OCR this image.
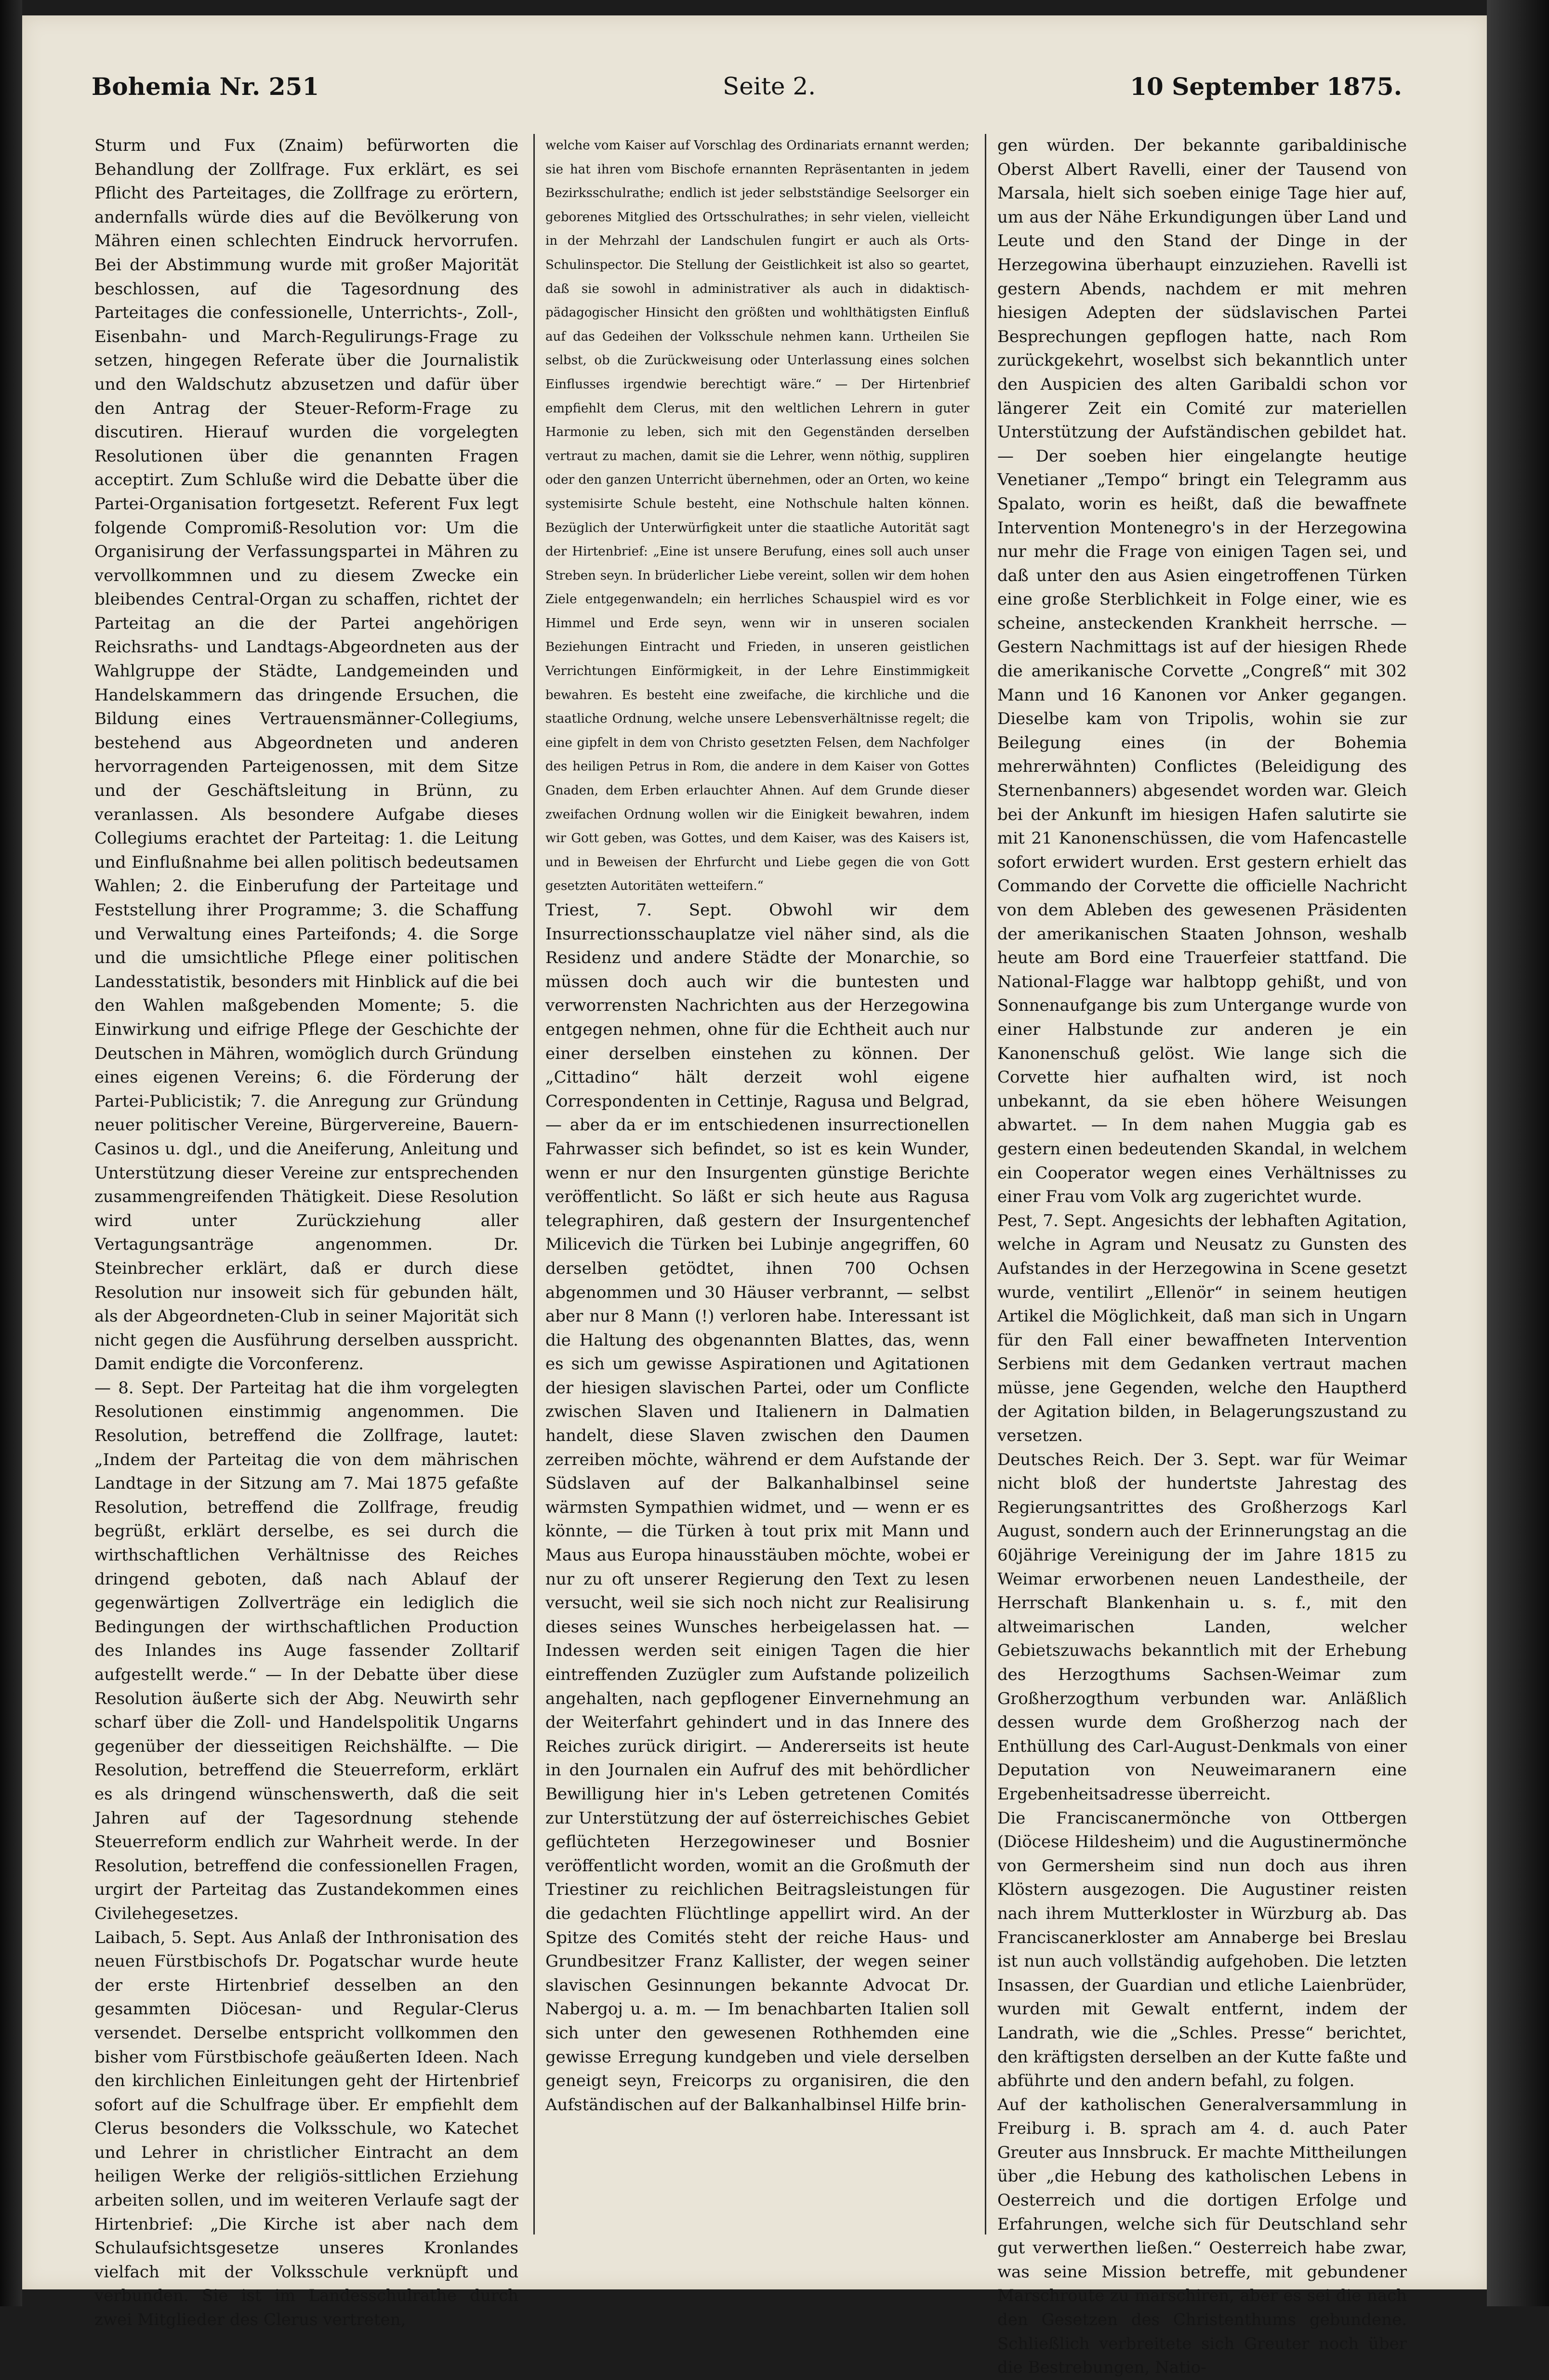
Bohemia Nr. 251	Seite 2.	10 September 1875.

Sturm und Fux (Znaim) befürworten die Behandlung der Zollfrage. Fux erklärt, es sei Pflicht des Parteitages, die Zollfrage zu erörtern, andernfalls würde dies auf die Bevölkerung von Mähren einen schlechten Eindruck hervorrufen. Bei der Abstimmung wurde mit großer Majorität beschlossen, auf die Tagesordnung des Parteitages die confessionelle, Unterrichts-, Zoll-, Eisenbahn- und March-Regulirungs-Frage zu setzen, hingegen Referate über die Journalistik und den Waldschutz abzusetzen und dafür über den Antrag der Steuer-Reform-Frage zu discutiren. Hierauf wurden die vorgelegten Resolutionen über die genannten Fragen acceptirt. Zum Schluße wird die Debatte über die Partei-Organisation fortgesetzt. Referent Fux legt folgende Compromiß-Resolution vor: Um die Organisirung der Verfassungspartei in Mähren zu vervollkommnen und zu diesem Zwecke ein bleibendes Central-Organ zu schaffen, richtet der Parteitag an die der Partei angehörigen Reichsraths- und Landtags-Abgeordneten aus der Wahlgruppe der Städte, Landgemeinden und Handelskammern das dringende Ersuchen, die Bildung eines Vertrauensmänner-Collegiums, bestehend aus Abgeordneten und anderen hervorragenden Parteigenossen, mit dem Sitze und der Geschäftsleitung in Brünn, zu veranlassen. Als besondere Aufgabe dieses Collegiums erachtet der Parteitag: 1. die Leitung und Einflußnahme bei allen politisch bedeutsamen Wahlen; 2. die Einberufung der Parteitage und Feststellung ihrer Programme; 3. die Schaffung und Verwaltung eines Parteifonds; 4. die Sorge und die umsichtliche Pflege einer politischen Landesstatistik, besonders mit Hinblick auf die bei den Wahlen maßgebenden Momente; 5. die Einwirkung und eifrige Pflege der Geschichte der Deutschen in Mähren, womöglich durch Gründung eines eigenen Vereins; 6. die Förderung der Partei-Publicistik; 7. die Anregung zur Gründung neuer politischer Vereine, Bürgervereine, Bauern-Casinos u. dgl., und die Aneiferung, Anleitung und Unterstützung dieser Vereine zur entsprechenden zusammengreifenden Thätigkeit. Diese Resolution wird unter Zurückziehung aller Vertagungsanträge angenommen. Dr. Steinbrecher erklärt, daß er durch diese Resolution nur insoweit sich für gebunden hält, als der Abgeordneten-Club in seiner Majorität sich nicht gegen die Ausführung derselben ausspricht. Damit endigte die Vorconferenz.

— 8. Sept. Der Parteitag hat die ihm vorgelegten Resolutionen einstimmig angenommen. Die Resolution, betreffend die Zollfrage, lautet: „Indem der Parteitag die von dem mährischen Landtage in der Sitzung am 7. Mai 1875 gefaßte Resolution, betreffend die Zollfrage, freudig begrüßt, erklärt derselbe, es sei durch die wirthschaftlichen Verhältnisse des Reiches dringend geboten, daß nach Ablauf der gegenwärtigen Zollverträge ein lediglich die Bedingungen der wirthschaftlichen Production des Inlandes ins Auge fassender Zolltarif aufgestellt werde.“ — In der Debatte über diese Resolution äußerte sich der Abg. Neuwirth sehr scharf über die Zoll- und Handelspolitik Ungarns gegenüber der diesseitigen Reichshälfte. — Die Resolution, betreffend die Steuerreform, erklärt es als dringend wünschenswerth, daß die seit Jahren auf der Tagesordnung stehende Steuerreform endlich zur Wahrheit werde. In der Resolution, betreffend die confessionellen Fragen, urgirt der Parteitag das Zustandekommen eines Civilehegesetzes.

Laibach, 5. Sept. Aus Anlaß der Inthronisation des neuen Fürstbischofs Dr. Pogatschar wurde heute der erste Hirtenbrief desselben an den gesammten Diöcesan- und Regular-Clerus versendet. Derselbe entspricht vollkommen den bisher vom Fürstbischofe geäußerten Ideen. Nach den kirchlichen Einleitungen geht der Hirtenbrief sofort auf die Schulfrage über. Er empfiehlt dem Clerus besonders die Volksschule, wo Katechet und Lehrer in christlicher Eintracht an dem heiligen Werke der religiös-sittlichen Erziehung arbeiten sollen, und im weiteren Verlaufe sagt der Hirtenbrief: „Die Kirche ist aber nach dem Schulaufsichtsgesetze unseres Kronlandes vielfach mit der Volksschule verknüpft und verbunden. Sie ist im Landesschulrathe durch zwei Mitglieder des Clerus vertreten,

welche vom Kaiser auf Vorschlag des Ordinariats ernannt werden; sie hat ihren vom Bischofe ernannten Repräsentanten in jedem Bezirksschulrathe; endlich ist jeder selbstständige Seelsorger ein geborenes Mitglied des Ortsschulrathes; in sehr vielen, vielleicht in der Mehrzahl der Landschulen fungirt er auch als Orts-Schulinspector. Die Stellung der Geistlichkeit ist also so geartet, daß sie sowohl in administrativer als auch in didaktisch-pädagogischer Hinsicht den größten und wohlthätigsten Einfluß auf das Gedeihen der Volksschule nehmen kann. Urtheilen Sie selbst, ob die Zurückweisung oder Unterlassung eines solchen Einflusses irgendwie berechtigt wäre.“ — Der Hirtenbrief empfiehlt dem Clerus, mit den weltlichen Lehrern in guter Harmonie zu leben, sich mit den Gegenständen derselben vertraut zu machen, damit sie die Lehrer, wenn nöthig, suppliren oder den ganzen Unterricht übernehmen, oder an Orten, wo keine systemisirte Schule besteht, eine Nothschule halten können. Bezüglich der Unterwürfigkeit unter die staatliche Autorität sagt der Hirtenbrief: „Eine ist unsere Berufung, eines soll auch unser Streben seyn. In brüderlicher Liebe vereint, sollen wir dem hohen Ziele entgegenwandeln; ein herrliches Schauspiel wird es vor Himmel und Erde seyn, wenn wir in unseren socialen Beziehungen Eintracht und Frieden, in unseren geistlichen Verrichtungen Einförmigkeit, in der Lehre Einstimmigkeit bewahren. Es besteht eine zweifache, die kirchliche und die staatliche Ordnung, welche unsere Lebensverhältnisse regelt; die eine gipfelt in dem von Christo gesetzten Felsen, dem Nachfolger des heiligen Petrus in Rom, die andere in dem Kaiser von Gottes Gnaden, dem Erben erlauchter Ahnen. Auf dem Grunde dieser zweifachen Ordnung wollen wir die Einigkeit bewahren, indem wir Gott geben, was Gottes, und dem Kaiser, was des Kaisers ist, und in Beweisen der Ehrfurcht und Liebe gegen die von Gott gesetzten Autoritäten wetteifern.“

Triest, 7. Sept. Obwohl wir dem Insurrectionsschauplatze viel näher sind, als die Residenz und andere Städte der Monarchie, so müssen doch auch wir die buntesten und verworrensten Nachrichten aus der Herzegowina entgegen nehmen, ohne für die Echtheit auch nur einer derselben einstehen zu können. Der „Cittadino“ hält derzeit wohl eigene Correspondenten in Cettinje, Ragusa und Belgrad, — aber da er im entschiedenen insurrectionellen Fahrwasser sich befindet, so ist es kein Wunder, wenn er nur den Insurgenten günstige Berichte veröffentlicht. So läßt er sich heute aus Ragusa telegraphiren, daß gestern der Insurgentenchef Milicevich die Türken bei Lubinje angegriffen, 60 derselben getödtet, ihnen 700 Ochsen abgenommen und 30 Häuser verbrannt, — selbst aber nur 8 Mann (!) verloren habe. Interessant ist die Haltung des obgenannten Blattes, das, wenn es sich um gewisse Aspirationen und Agitationen der hiesigen slavischen Partei, oder um Conflicte zwischen Slaven und Italienern in Dalmatien handelt, diese Slaven zwischen den Daumen zerreiben möchte, während er dem Aufstande der Südslaven auf der Balkanhalbinsel seine wärmsten Sympathien widmet, und — wenn er es könnte, — die Türken à tout prix mit Mann und Maus aus Europa hinausstäuben möchte, wobei er nur zu oft unserer Regierung den Text zu lesen versucht, weil sie sich noch nicht zur Realisirung dieses seines Wunsches herbeigelassen hat. — Indessen werden seit einigen Tagen die hier eintreffenden Zuzügler zum Aufstande polizeilich angehalten, nach gepflogener Einvernehmung an der Weiterfahrt gehindert und in das Innere des Reiches zurück dirigirt. — Andererseits ist heute in den Journalen ein Aufruf des mit behördlicher Bewilligung hier in's Leben getretenen Comités zur Unterstützung der auf österreichisches Gebiet geflüchteten Herzegowineser und Bosnier veröffentlicht worden, womit an die Großmuth der Triestiner zu reichlichen Beitragsleistungen für die gedachten Flüchtlinge appellirt wird. An der Spitze des Comités steht der reiche Haus- und Grundbesitzer Franz Kallister, der wegen seiner slavischen Gesinnungen bekannte Advocat Dr. Nabergoj u. a. m. — Im benachbarten Italien soll sich unter den gewesenen Rothhemden eine gewisse Erregung kundgeben und viele derselben geneigt seyn, Freicorps zu organisiren, die den Aufständischen auf der Balkanhalbinsel Hilfe brin-

gen würden. Der bekannte garibaldinische Oberst Albert Ravelli, einer der Tausend von Marsala, hielt sich soeben einige Tage hier auf, um aus der Nähe Erkundigungen über Land und Leute und den Stand der Dinge in der Herzegowina überhaupt einzuziehen. Ravelli ist gestern Abends, nachdem er mit mehren hiesigen Adepten der südslavischen Partei Besprechungen gepflogen hatte, nach Rom zurückgekehrt, woselbst sich bekanntlich unter den Auspicien des alten Garibaldi schon vor längerer Zeit ein Comité zur materiellen Unterstützung der Aufständischen gebildet hat. — Der soeben hier eingelangte heutige Venetianer „Tempo“ bringt ein Telegramm aus Spalato, worin es heißt, daß die bewaffnete Intervention Montenegro's in der Herzegowina nur mehr die Frage von einigen Tagen sei, und daß unter den aus Asien eingetroffenen Türken eine große Sterblichkeit in Folge einer, wie es scheine, ansteckenden Krankheit herrsche. — Gestern Nachmittags ist auf der hiesigen Rhede die amerikanische Corvette „Congreß“ mit 302 Mann und 16 Kanonen vor Anker gegangen. Dieselbe kam von Tripolis, wohin sie zur Beilegung eines (in der Bohemia mehrerwähnten) Conflictes (Beleidigung des Sternenbanners) abgesendet worden war. Gleich bei der Ankunft im hiesigen Hafen salutirte sie mit 21 Kanonenschüssen, die vom Hafencastelle sofort erwidert wurden. Erst gestern erhielt das Commando der Corvette die officielle Nachricht von dem Ableben des gewesenen Präsidenten der amerikanischen Staaten Johnson, weshalb heute am Bord eine Trauerfeier stattfand. Die National-Flagge war halbtopp gehißt, und von Sonnenaufgange bis zum Untergange wurde von einer Halbstunde zur anderen je ein Kanonenschuß gelöst. Wie lange sich die Corvette hier aufhalten wird, ist noch unbekannt, da sie eben höhere Weisungen abwartet. — In dem nahen Muggia gab es gestern einen bedeutenden Skandal, in welchem ein Cooperator wegen eines Verhältnisses zu einer Frau vom Volk arg zugerichtet wurde.

Pest, 7. Sept. Angesichts der lebhaften Agitation, welche in Agram und Neusatz zu Gunsten des Aufstandes in der Herzegowina in Scene gesetzt wurde, ventilirt „Ellenör“ in seinem heutigen Artikel die Möglichkeit, daß man sich in Ungarn für den Fall einer bewaffneten Intervention Serbiens mit dem Gedanken vertraut machen müsse, jene Gegenden, welche den Hauptherd der Agitation bilden, in Belagerungszustand zu versetzen.

Deutsches Reich. Der 3. Sept. war für Weimar nicht bloß der hundertste Jahrestag des Regierungsantrittes des Großherzogs Karl August, sondern auch der Erinnerungstag an die 60jährige Vereinigung der im Jahre 1815 zu Weimar erworbenen neuen Landestheile, der Herrschaft Blankenhain u. s. f., mit den altweimarischen Landen, welcher Gebietszuwachs bekanntlich mit der Erhebung des Herzogthums Sachsen-Weimar zum Großherzogthum verbunden war. Anläßlich dessen wurde dem Großherzog nach der Enthüllung des Carl-August-Denkmals von einer Deputation von Neuweimaranern eine Ergebenheitsadresse überreicht.

Die Franciscanermönche von Ottbergen (Diöcese Hildesheim) und die Augustinermönche von Germersheim sind nun doch aus ihren Klöstern ausgezogen. Die Augustiner reisten nach ihrem Mutterkloster in Würzburg ab. Das Franciscanerkloster am Annaberge bei Breslau ist nun auch vollständig aufgehoben. Die letzten Insassen, der Guardian und etliche Laienbrüder, wurden mit Gewalt entfernt, indem der Landrath, wie die „Schles. Presse“ berichtet, den kräftigsten derselben an der Kutte faßte und abführte und den andern befahl, zu folgen.

Auf der katholischen Generalversammlung in Freiburg i. B. sprach am 4. d. auch Pater Greuter aus Innsbruck. Er machte Mittheilungen über „die Hebung des katholischen Lebens in Oesterreich und die dortigen Erfolge und Erfahrungen, welche sich für Deutschland sehr gut verwerthen ließen.“ Oesterreich habe zwar, was seine Mission betreffe, mit gebundener Marschroute zu marschiren, aber es sei die nach den Gesetzen des Christenthums gebundene. Schließlich verbreitete sich Greuter noch über die Bestrebungen, Natio-
